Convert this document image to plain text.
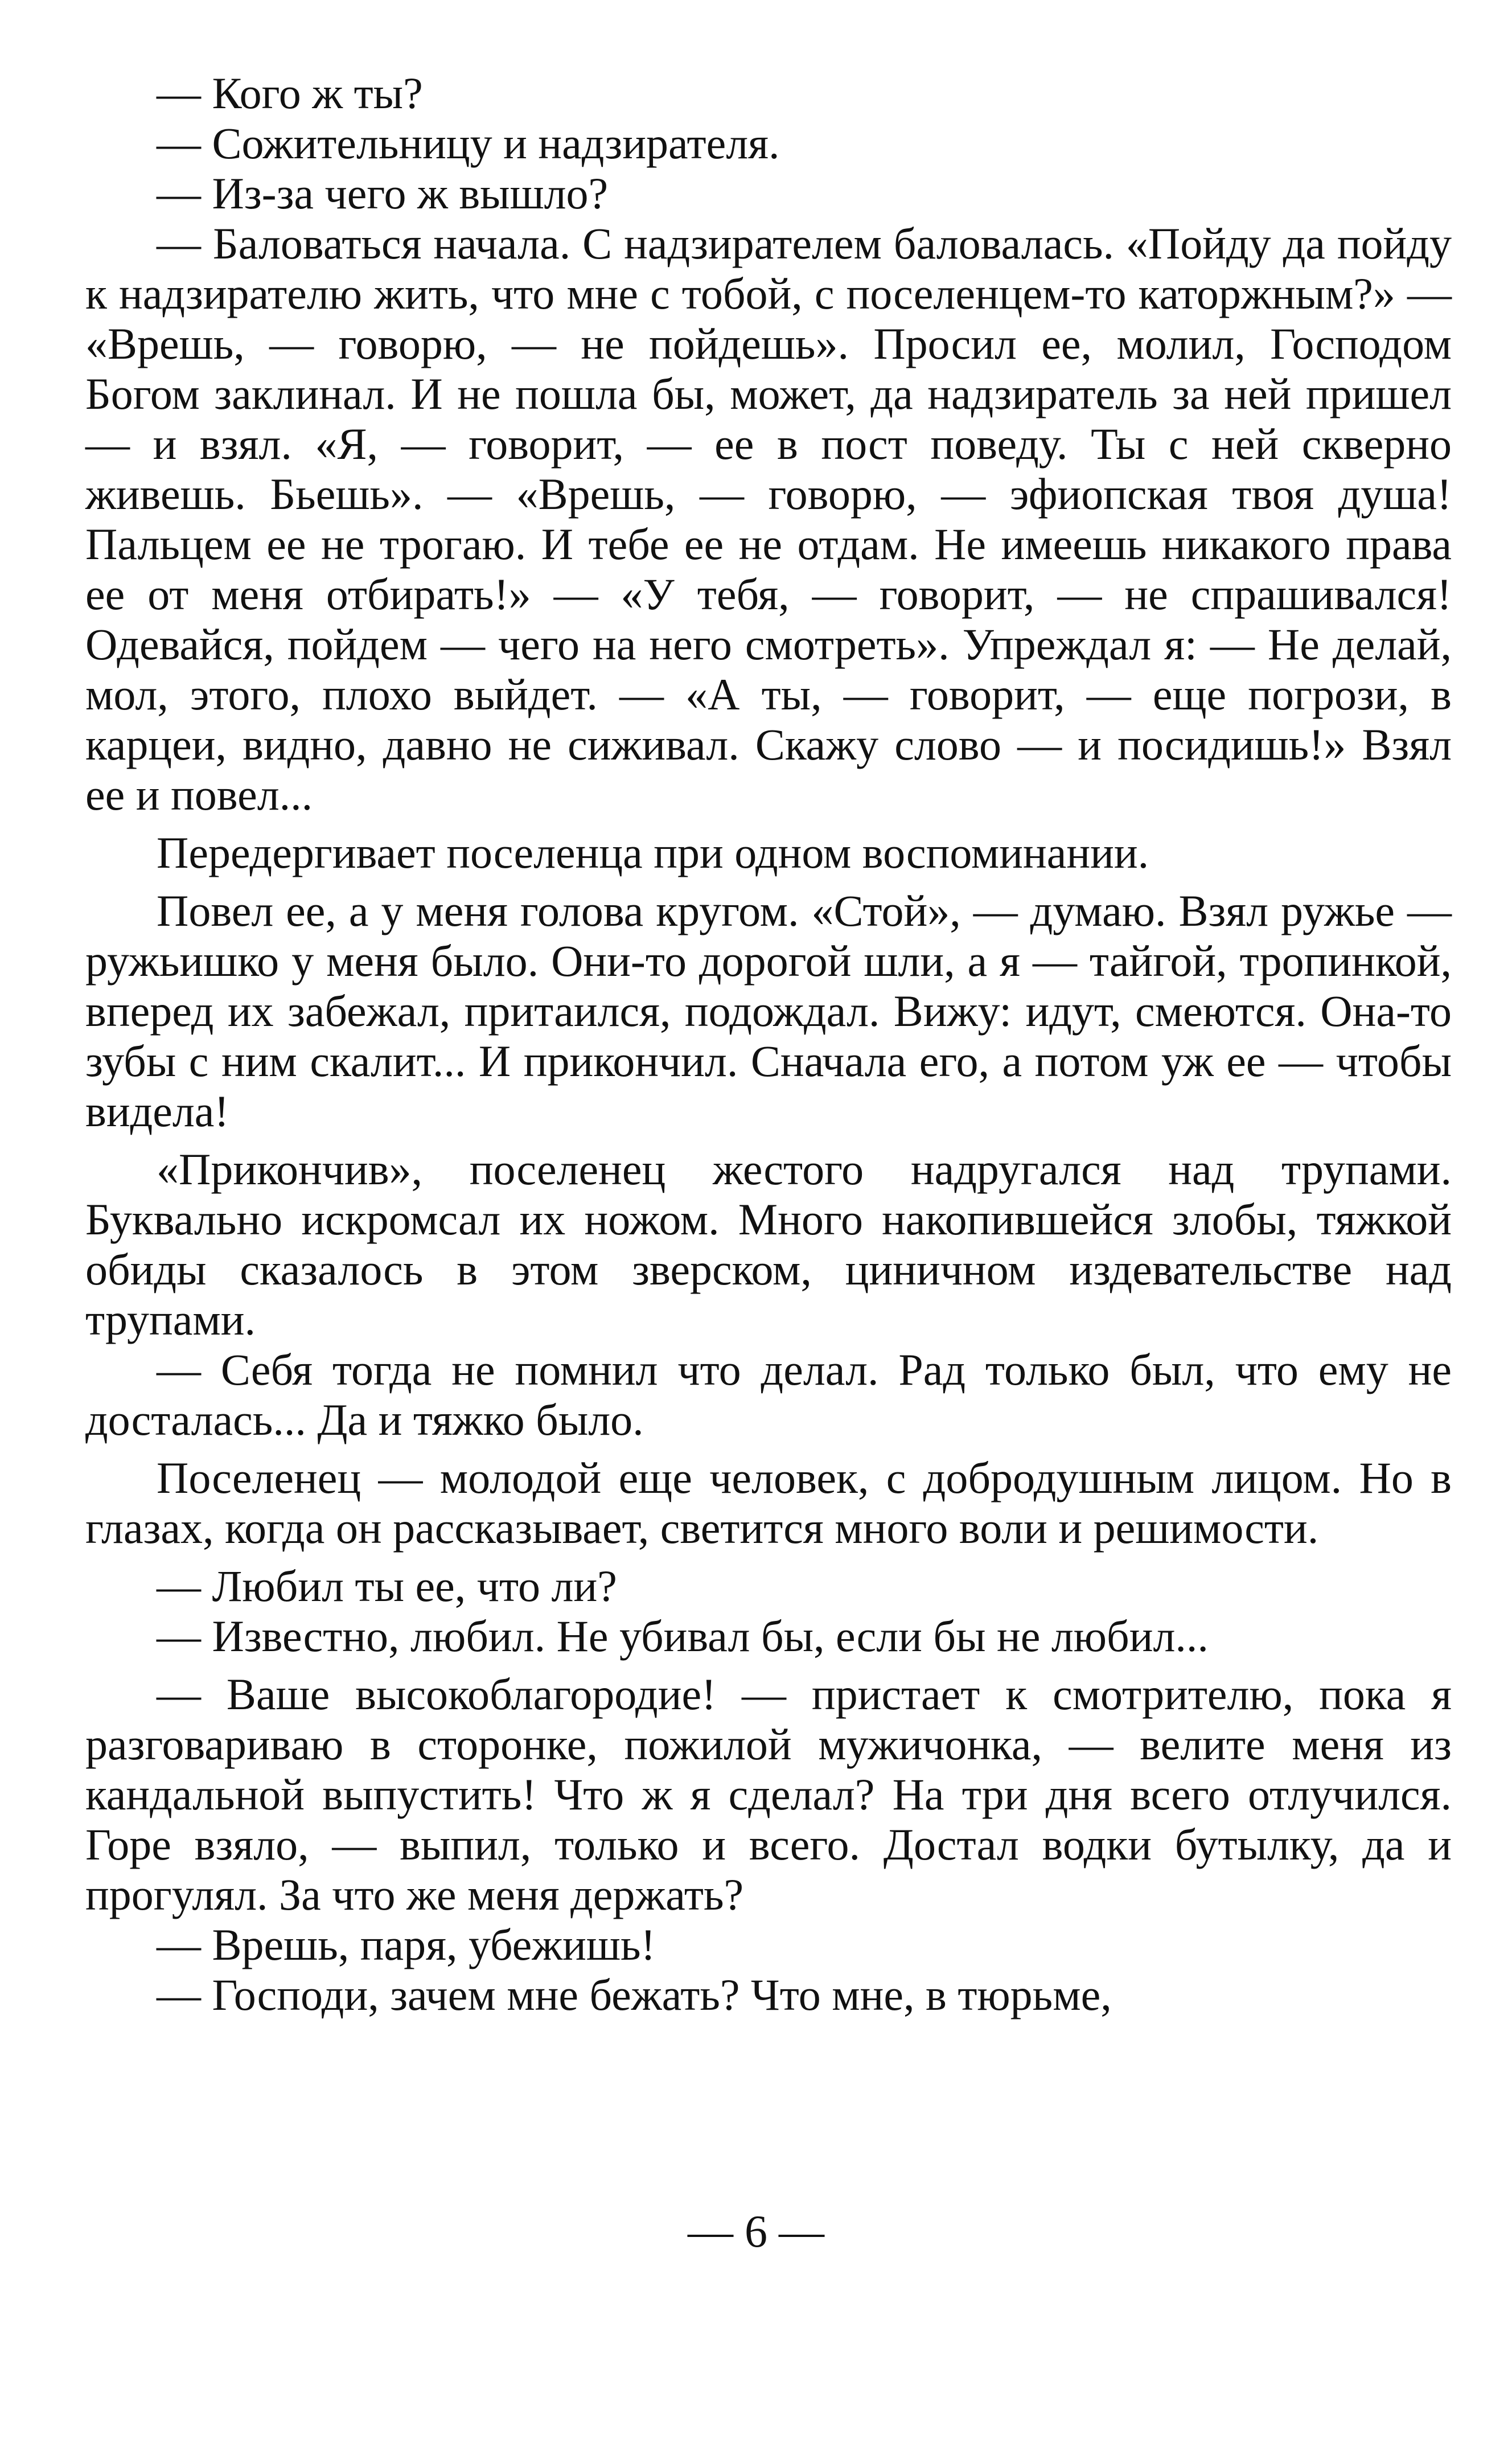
— Кого ж ты?

— Сожительницу и надзирателя.

— Из-за чего ж вышло?

— Баловаться начала. С надзирателем баловалась. «Пойду да пойду к надзирателю жить, что мне с тобой, с поселенцем-то каторжным?» — «Врешь, — говорю, — не пойдешь». Просил ее, молил, Господом Богом заклинал. И не пошла бы, может, да надзиратель за ней пришел — и взял. «Я, — говорит, — ее в пост поведу. Ты с ней скверно живешь. Бьешь». — «Врешь, — говорю, — эфиопская твоя душа! Пальцем ее не трогаю. И тебе ее не отдам. Не имеешь никакого права ее от меня отбирать!» — «У тебя, — говорит, — не спрашивался! Одевайся, пойдем — чего на него смотреть». Упреждал я: — Не делай, мол, этого, плохо выйдет. — «А ты, — говорит, — еще погрози, в карцеи, видно, давно не сиживал. Скажу слово — и посидишь!» Взял ее и повел...

Передергивает поселенца при одном воспоминании.

Повел ее, а у меня голова кругом. «Стой», — думаю. Взял ружье — ружьишко у меня было. Они-то дорогой шли, а я — тайгой, тропинкой, вперед их забежал, притаился, подождал. Вижу: идут, смеются. Она-то зубы с ним скалит... И прикончил. Сначала его, а потом уж ее — чтобы видела!

«Прикончив», поселенец жестого надругался над трупами. Буквально искромсал их ножом. Много накопившейся злобы, тяжкой обиды сказалось в этом зверском, циничном издевательстве над трупами.

— Себя тогда не помнил что делал. Рад только был, что ему не досталась... Да и тяжко было.

Поселенец — молодой еще человек, с добродушным лицом. Но в глазах, когда он рассказывает, светится много воли и решимости.

— Любил ты ее, что ли?

— Известно, любил. Не убивал бы, если бы не любил...

— Ваше высокоблагородие! — пристает к смотрителю, пока я разговариваю в сторонке, пожилой мужичонка, — велите меня из кандальной выпустить! Что ж я сделал? На три дня всего отлучился. Горе взяло, — выпил, только и всего. Достал водки бутылку, да и прогулял. За что же меня держать?

— Врешь, паря, убежишь!

— Господи, зачем мне бежать? Что мне, в тюрьме,

— 6 —
